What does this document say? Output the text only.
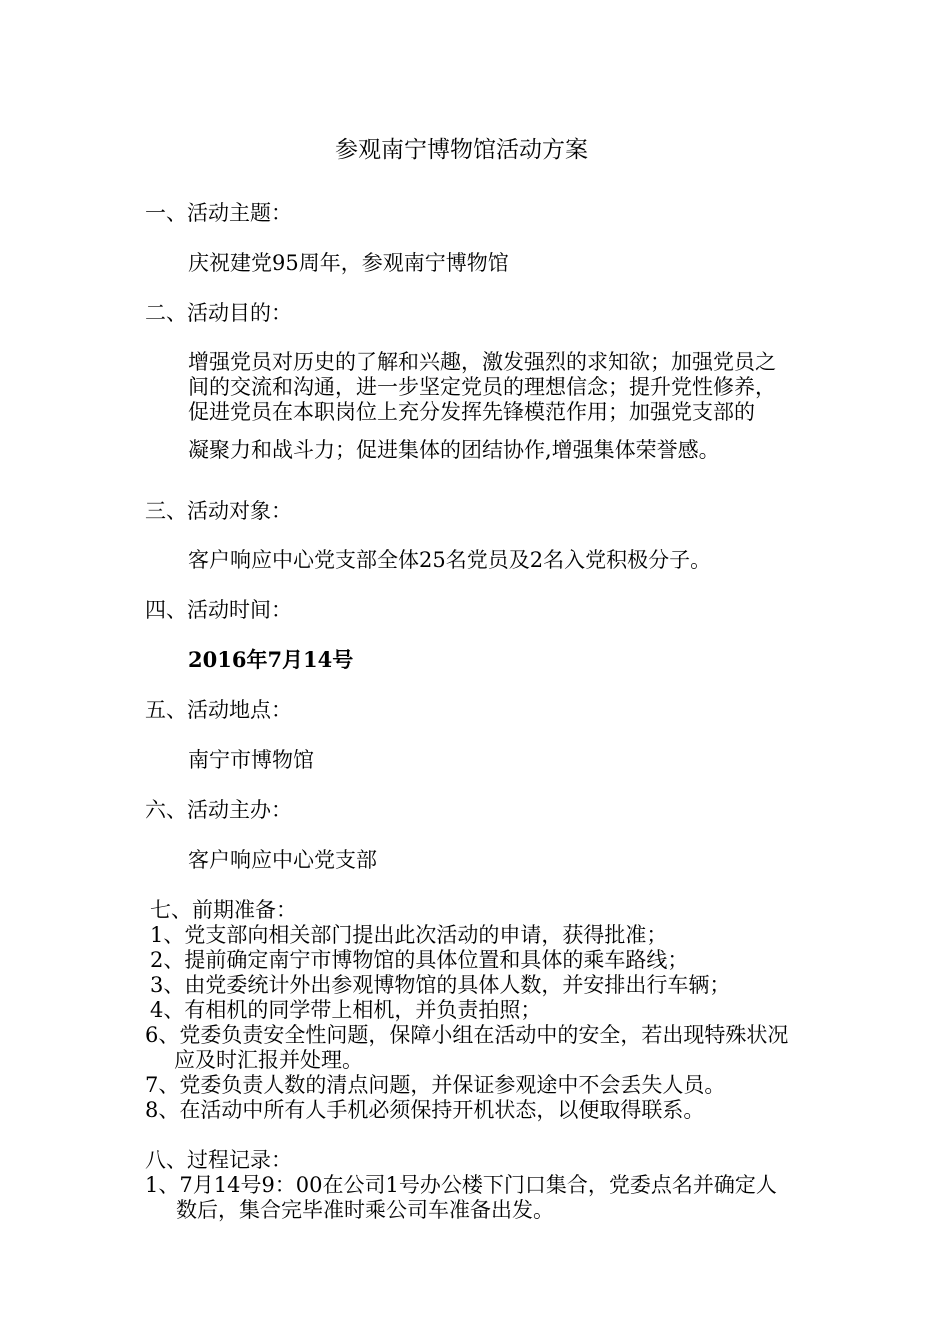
参观南宁博物馆活动方案
一、活动主题：
庆祝建党95周年，参观南宁博物馆
二、活动目的：
增强党员对历史的了解和兴趣，激发强烈的求知欲；加强党员之
间的交流和沟通，进一步坚定党员的理想信念；提升党性修养，
促进党员在本职岗位上充分发挥先锋模范作用；加强党支部的
凝聚力和战斗力；促进集体的团结协作,增强集体荣誉感。
三、活动对象：
客户响应中心党支部全体25名党员及2名入党积极分子。
四、活动时间：
2016年7月14号
五、活动地点：
南宁市博物馆
六、活动主办：
客户响应中心党支部
七、前期准备：
1、党支部向相关部门提出此次活动的申请，获得批准；
2、提前确定南宁市博物馆的具体位置和具体的乘车路线；
3、由党委统计外出参观博物馆的具体人数，并安排出行车辆；
4、有相机的同学带上相机，并负责拍照；
6、党委负责安全性问题，保障小组在活动中的安全，若出现特殊状况
应及时汇报并处理。
7、党委负责人数的清点问题，并保证参观途中不会丢失人员。
8、在活动中所有人手机必须保持开机状态，以便取得联系。
八、过程记录：
1、7月14号9：00在公司1号办公楼下门口集合，党委点名并确定人
数后，集合完毕准时乘公司车准备出发。
